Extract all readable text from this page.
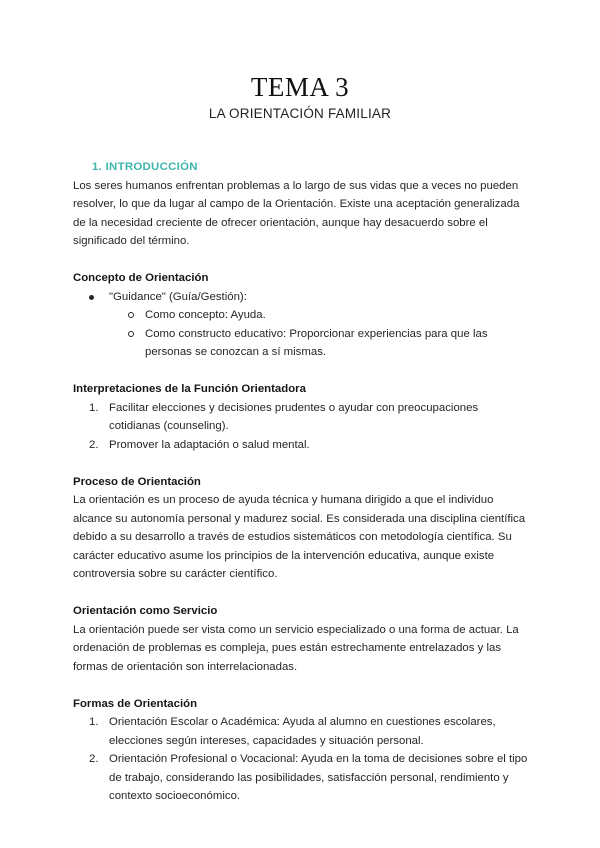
TEMA 3
LA ORIENTACIÓN FAMILIAR
1. INTRODUCCIÓN

Los seres humanos enfrentan problemas a lo largo de sus vidas que a veces no pueden resolver, lo que da lugar al campo de la Orientación. Existe una aceptación generalizada de la necesidad creciente de ofrecer orientación, aunque hay desacuerdo sobre el significado del término.

Concepto de Orientación
"Guidance" (Guía/Gestión):
Como concepto: Ayuda.
Como constructo educativo: Proporcionar experiencias para que las personas se conozcan a sí mismas.
Interpretaciones de la Función Orientadora
1. Facilitar elecciones y decisiones prudentes o ayudar con preocupaciones cotidianas (counseling).
2. Promover la adaptación o salud mental.
Proceso de Orientación

La orientación es un proceso de ayuda técnica y humana dirigido a que el individuo alcance su autonomía personal y madurez social. Es considerada una disciplina científica debido a su desarrollo a través de estudios sistemáticos con metodología científica. Su carácter educativo asume los principios de la intervención educativa, aunque existe controversia sobre su carácter científico.

Orientación como Servicio

La orientación puede ser vista como un servicio especializado o una forma de actuar. La ordenación de problemas es compleja, pues están estrechamente entrelazados y las formas de orientación son interrelacionadas.

Formas de Orientación
1. Orientación Escolar o Académica: Ayuda al alumno en cuestiones escolares, elecciones según intereses, capacidades y situación personal.
2. Orientación Profesional o Vocacional: Ayuda en la toma de decisiones sobre el tipo de trabajo, considerando las posibilidades, satisfacción personal, rendimiento y contexto socioeconómico.
